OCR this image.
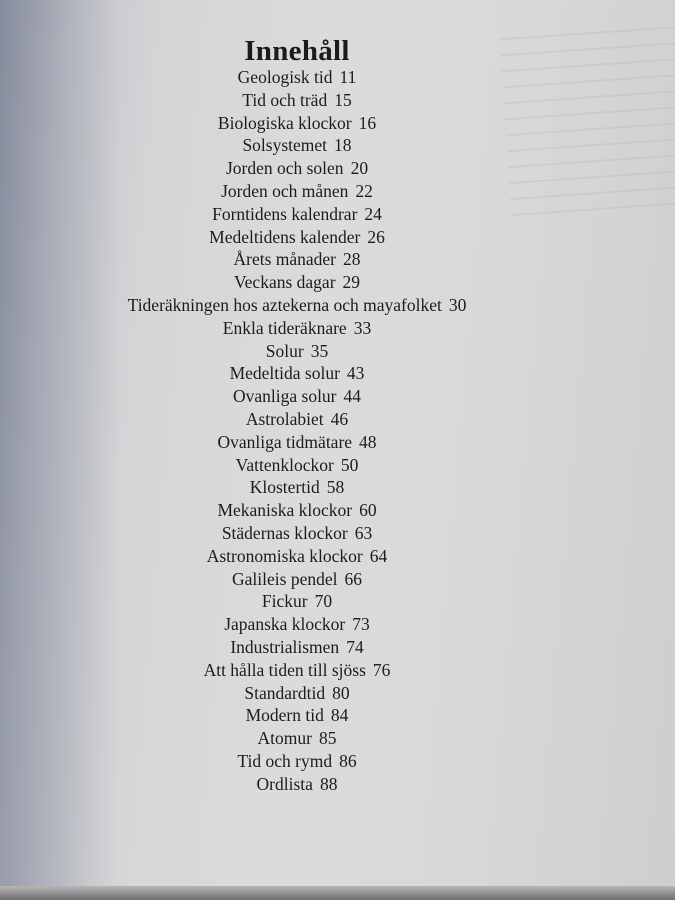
Innehåll
Geologisk tid 11
Tid och träd 15
Biologiska klockor 16
Solsystemet 18
Jorden och solen 20
Jorden och månen 22
Forntidens kalendrar 24
Medeltidens kalender 26
Årets månader 28
Veckans dagar 29
Tideräkningen hos aztekerna och mayafolket 30
Enkla tideräknare 33
Solur 35
Medeltida solur 43
Ovanliga solur 44
Astrolabiet 46
Ovanliga tidmätare 48
Vattenklockor 50
Klostertid 58
Mekaniska klockor 60
Städernas klockor 63
Astronomiska klockor 64
Galileis pendel 66
Fickur 70
Japanska klockor 73
Industrialismen 74
Att hålla tiden till sjöss 76
Standardtid 80
Modern tid 84
Atomur 85
Tid och rymd 86
Ordlista 88
